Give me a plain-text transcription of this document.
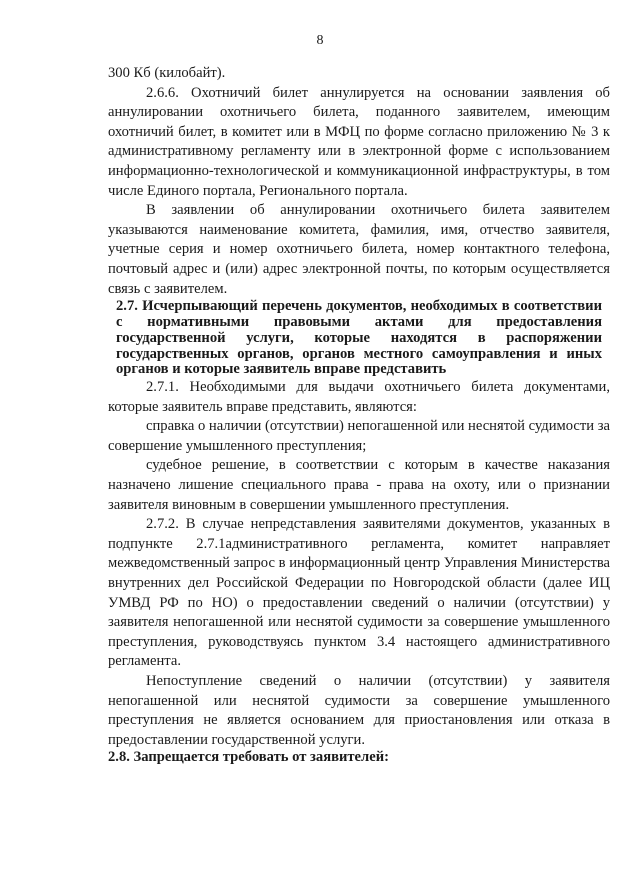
8

300 Кб (килобайт).

2.6.6. Охотничий билет аннулируется на основании заявления об аннулировании охотничьего билета, поданного заявителем, имеющим охотничий билет, в комитет или в МФЦ по форме согласно приложению № 3 к административному регламенту или в электронной форме с использованием информационно-технологической и коммуникационной инфраструктуры, в том числе Единого портала, Регионального портала.

В заявлении об аннулировании охотничьего билета заявителем указываются наименование комитета, фамилия, имя, отчество заявителя, учетные серия и номер охотничьего билета, номер контактного телефона, почтовый адрес и (или) адрес электронной почты, по которым осуществляется связь с заявителем.

2.7. Исчерпывающий перечень документов, необходимых в соответствии с нормативными правовыми актами для предоставления государственной услуги, которые находятся в распоряжении государственных органов, органов местного самоуправления и иных органов и которые заявитель вправе представить

2.7.1. Необходимыми для выдачи охотничьего билета документами, которые заявитель вправе представить, являются:

справка о наличии (отсутствии) непогашенной или неснятой судимости за совершение умышленного преступления;

судебное решение, в соответствии с которым в качестве наказания назначено лишение специального права - права на охоту, или о признании заявителя виновным в совершении умышленного преступления.

2.7.2. В случае непредставления заявителями документов, указанных в подпункте 2.7.1административного регламента, комитет направляет межведомственный запрос в информационный центр Управления Министерства внутренних дел Российской Федерации по Новгородской области (далее ИЦ УМВД РФ по НО) о предоставлении сведений о наличии (отсутствии) у заявителя непогашенной или неснятой судимости за совершение умышленного преступления, руководствуясь пунктом 3.4 настоящего административного регламента.

Непоступление сведений о наличии (отсутствии) у заявителя непогашенной или неснятой судимости за совершение умышленного преступления не является основанием для приостановления или отказа в предоставлении государственной услуги.

2.8. Запрещается требовать от заявителей:
